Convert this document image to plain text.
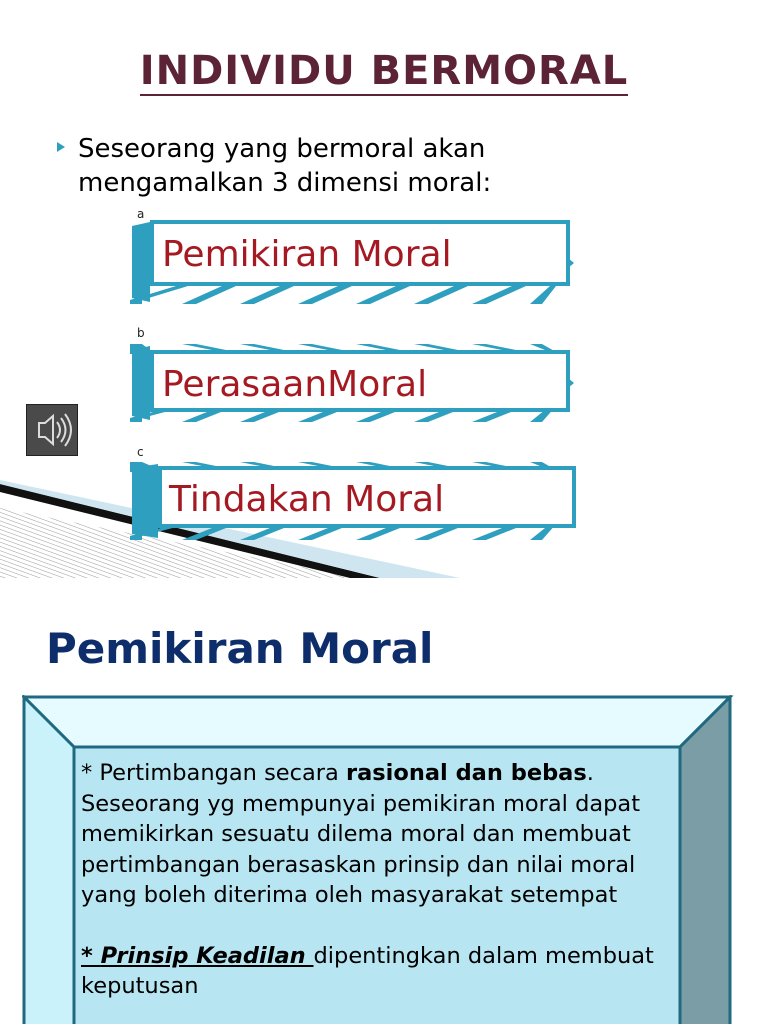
INDIVIDU BERMORAL
Seseorang yang bermoral akan mengamalkan 3 dimensi moral:
a
Pemikiran Moral
b
PerasaanMoral
c
Tindakan Moral
Pemikiran Moral

* Pertimbangan secara rasional dan bebas. Seseorang yg mempunyai pemikiran moral dapat memikirkan sesuatu dilema moral dan membuat pertimbangan berasaskan prinsip dan nilai moral yang boleh diterima oleh masyarakat setempat

* Prinsip Keadilan dipentingkan dalam membuat keputusan
